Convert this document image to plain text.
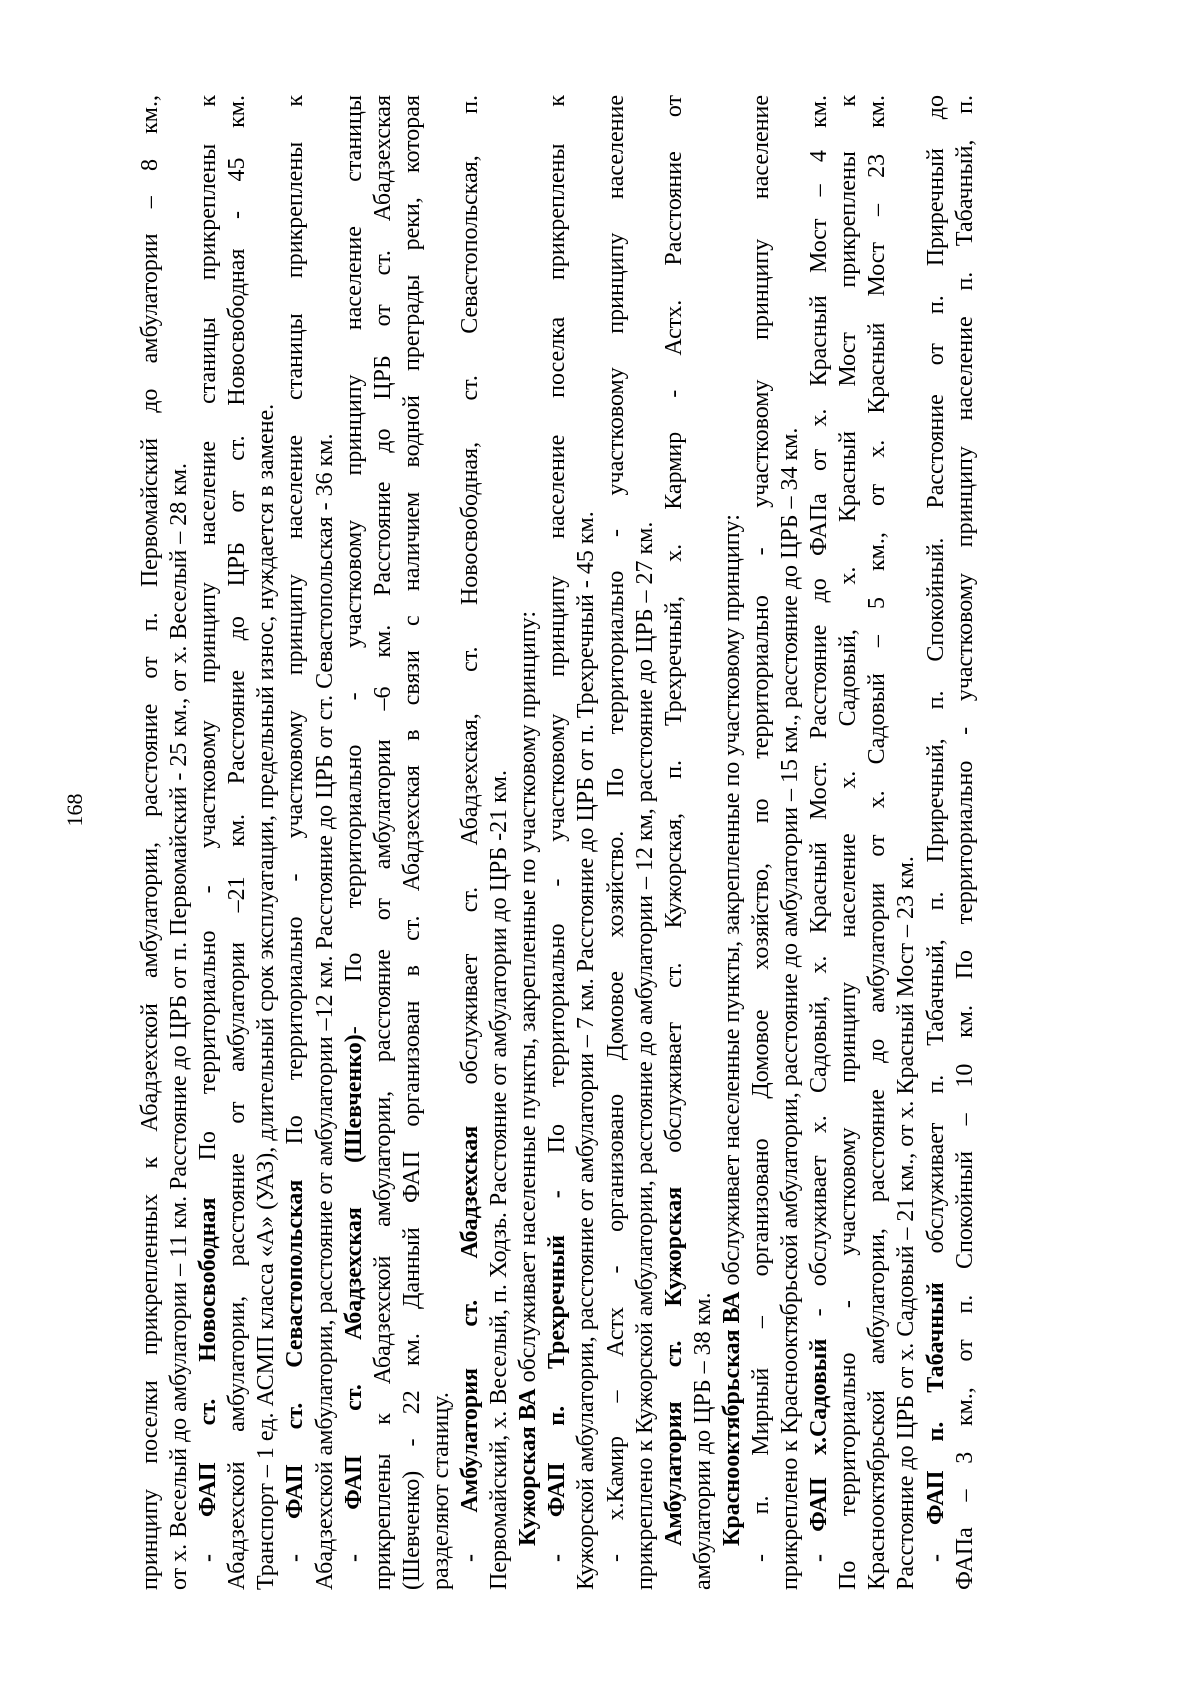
168 принципу поселки прикрепленных к Абадзехской амбулатории, расстояние от п. Первомайский до амбулатории – 8 км., от х. Веселый до амбулатории – 11 км. Расстояние до ЦРБ от п. Первомайский - 25 км., от х. Веселый – 28 км. - ФАП ст. Новосвободная По территориально - участковому принципу население станицы прикреплены к Абадзехской амбулатории, расстояние от амбулатории –21 км. Расстояние до ЦРБ от ст. Новосвободная - 45 км. Транспорт – 1 ед. АСМП класса «А» (УАЗ), длительный срок эксплуатации, предельный износ, нуждается в замене. - ФАП ст. Севастопольская По территориально - участковому принципу население станицы прикреплены к Абадзехской амбулатории, расстояние от амбулатории –12 км. Расстояние до ЦРБ от ст. Севастопольская - 36 км. - ФАП ст. Абадзехская (Шевченко)- По территориально - участковому принципу население станицы прикреплены к Абадзехской амбулатории, расстояние от амбулатории –6 км. Расстояние до ЦРБ от ст. Абадзехская (Шевченко) - 22 км. Данный ФАП организован в ст. Абадзехская в связи с наличием водной преграды реки, которая разделяют станицу. - Амбулатория ст. Абадзехская обслуживает ст. Абадзехская, ст. Новосвободная, ст. Севастопольская, п.
Первомайский, х. Веселый, п. Ходзь. Расстояние от амбулатории до ЦРБ -21 км. Кужорская ВА обслуживает населенные пункты, закрепленные по участковому принципу: - ФАП п. Трехречный - По территориально - участковому принципу население поселка прикреплены к Кужорской амбулатории, расстояние от амбулатории – 7 км. Расстояние до ЦРБ от п. Трехречный - 45 км. - х.Камир – Астх - организовано Домовое хозяйство. По территориально - участковому принципу население прикреплено к Кужорской амбулатории, расстояние до амбулатории – 12 км, расстояние до ЦРБ – 27 км. Амбулатория ст. Кужорская обслуживает ст. Кужорская, п. Трехречный, х. Кармир - Астх. Расстояние от
амбулатории до ЦРБ – 38 км. Краснооктябрьская ВА обслуживает населенные пункты, закрепленные по участковому принципу: - п. Мирный – организовано Домовое хозяйство, по территориально - участковому принципу население прикреплено к Краснооктябрьской амбулатории, расстояние до амбулатории – 15 км., расстояние до ЦРБ – 34 км. - ФАП х.Садовый - обслуживает х. Садовый, х. Красный Мост. Расстояние до ФАПа от х. Красный Мост – 4 км. По территориально - участковому принципу население х. Садовый, х. Красный Мост прикреплены к Краснооктябрьской амбулатории, расстояние до амбулатории от х. Садовый – 5 км., от х. Красный Мост – 23 км. Расстояние до ЦРБ от х. Садовый – 21 км., от х. Красный Мост – 23 км. - ФАП п. Табачный обслуживает п. Табачный, п. Приречный, п. Спокойный. Расстояние от п. Приречный до ФАПа – 3 км., от п. Спокойный – 10 км. По территориально - участковому принципу население п. Табачный, п.
